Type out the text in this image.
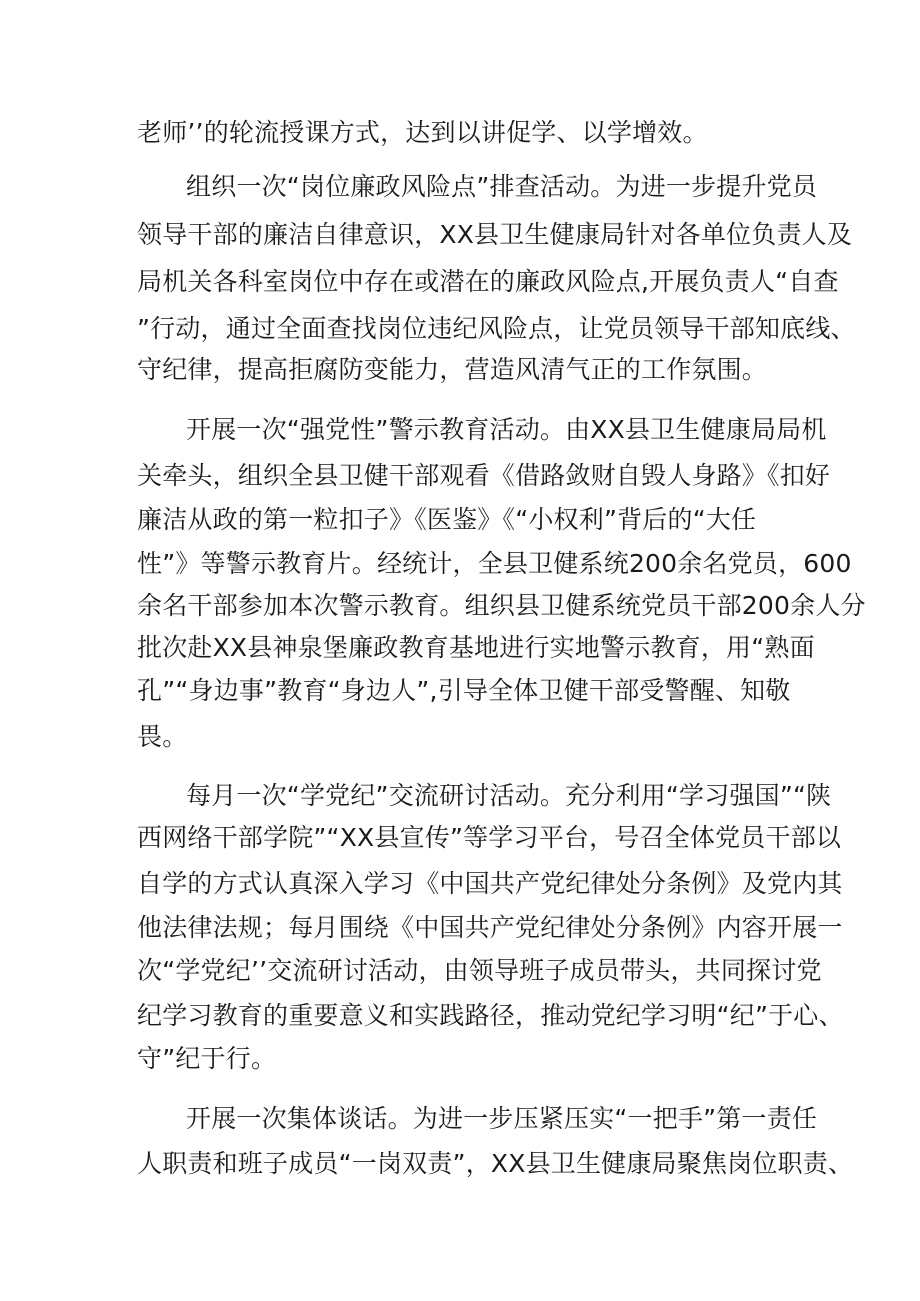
老师’’的轮流授课方式，达到以讲促学、以学增效。
组织一次“岗位廉政风险点”排查活动。为进一步提升党员
领导干部的廉洁自律意识，XX县卫生健康局针对各单位负责人及
局机关各科室岗位中存在或潜在的廉政风险点,开展负责人“自查
”行动，通过全面查找岗位违纪风险点，让党员领导干部知底线、
守纪律，提高拒腐防变能力，营造风清气正的工作氛围。
开展一次“强党性”警示教育活动。由XX县卫生健康局局机
关牵头，组织全县卫健干部观看《借路敛财自毁人身路》《扣好
廉洁从政的第一粒扣子》《医鉴》《“小权利”背后的“大任
性”》等警示教育片。经统计，全县卫健系统200余名党员，600
余名干部参加本次警示教育。组织县卫健系统党员干部200余人分
批次赴XX县神泉堡廉政教育基地进行实地警示教育，用“熟面
孔”“身边事”教育“身边人”,引导全体卫健干部受警醒、知敬
畏。
每月一次“学党纪”交流研讨活动。充分利用“学习强国”“陕
西网络干部学院”“XX县宣传”等学习平台，号召全体党员干部以
自学的方式认真深入学习《中国共产党纪律处分条例》及党内其
他法律法规；每月围绕《中国共产党纪律处分条例》内容开展一
次“学党纪’’交流研讨活动，由领导班子成员带头，共同探讨党
纪学习教育的重要意义和实践路径，推动党纪学习明“纪”于心、
守”纪于行。
开展一次集体谈话。为进一步压紧压实“一把手”第一责任
人职责和班子成员“一岗双责”，XX县卫生健康局聚焦岗位职责、
